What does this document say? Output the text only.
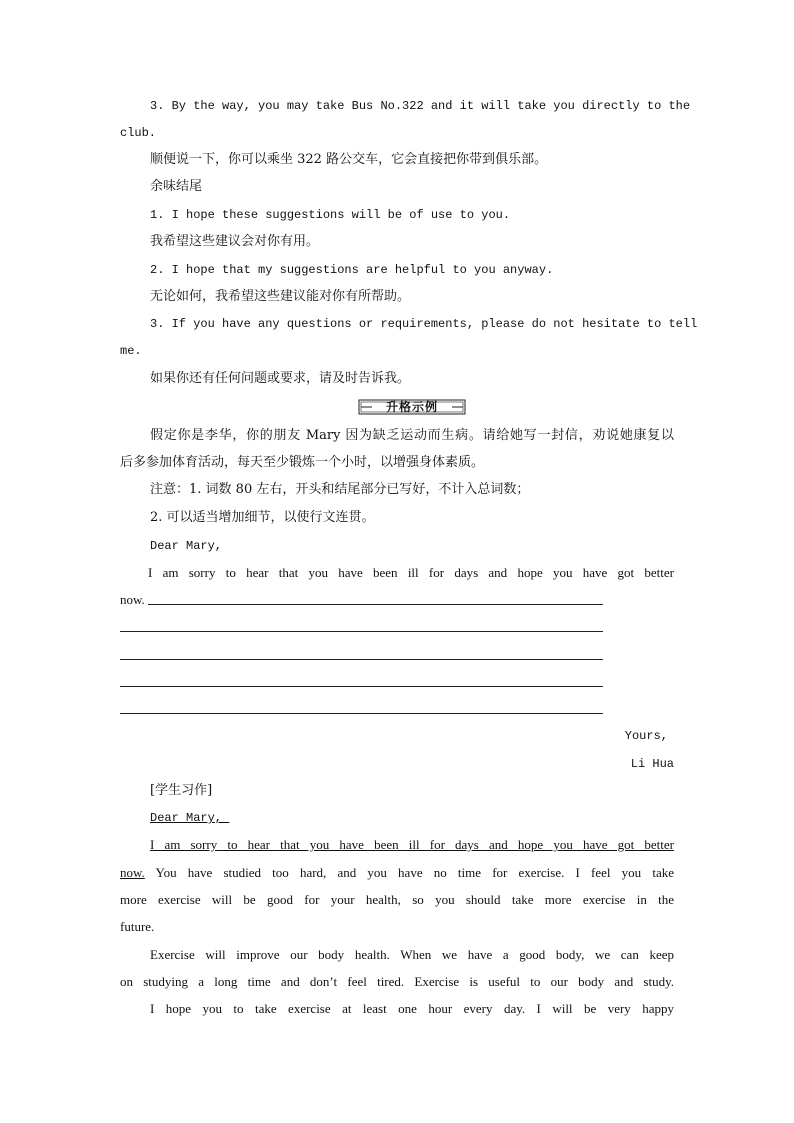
3. By the way, you may take Bus No.322 and it will take you directly to the
club.
顺便说一下，你可以乘坐 322 路公交车，它会直接把你带到俱乐部。
余味结尾
1. I hope these suggestions will be of use to you.
我希望这些建议会对你有用。
2. I hope that my suggestions are helpful to you anyway.
无论如何，我希望这些建议能对你有所帮助。
3. If you have any questions or requirements, please do not hesitate to tell
me.
如果你还有任何问题或要求，请及时告诉我。
升格示例
假定你是李华，你的朋友 Mary 因为缺乏运动而生病。请给她写一封信，劝说她康复以
后多参加体育活动，每天至少锻炼一个小时，以增强身体素质。
注意：1. 词数 80 左右，开头和结尾部分已写好，不计入总词数；
2. 可以适当增加细节，以使行文连贯。
Dear Mary,
I am sorry to hear that you have been ill for days and hope you have got better
now.
Yours,
Li Hua
[学生习作]
Dear Mary,
I am sorry to hear that you have been ill for days and hope you have got better
now. You have studied too hard, and you have no time for exercise. I feel you take
more exercise will be good for your health, so you should take more exercise in the
future.
Exercise will improve our body health. When we have a good body, we can keep
on studying a long time and don’t feel tired. Exercise is useful to our body and study.
I hope you to take exercise at least one hour every day. I will be very happy
